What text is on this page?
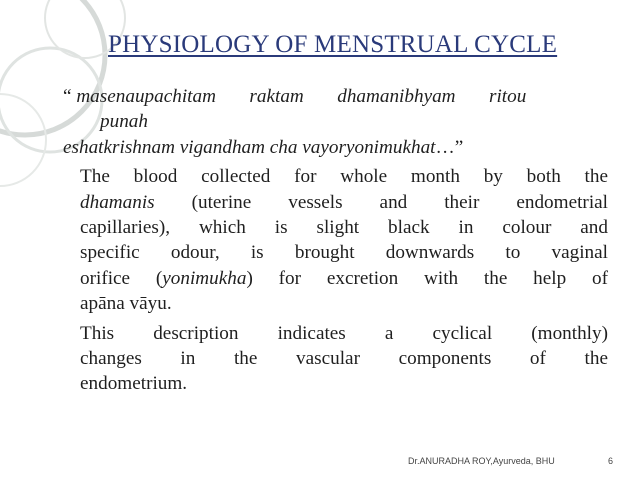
PHYSIOLOGY OF MENSTRUAL CYCLE
“ masenaupachitam raktam dhamanibhyam ritou
punah
eshatkrishnam vigandham cha vayoryonimukhat…”
The blood collected for whole month by both the
dhamanis (uterine vessels and their endometrial
capillaries), which is slight black in colour and
specific odour, is brought downwards to vaginal
orifice (yonimukha) for excretion with the help of
apāna vāyu.
This description indicates a cyclical (monthly)
changes in the vascular components of the
endometrium.
Dr.ANURADHA ROY,Ayurveda, BHU	6
